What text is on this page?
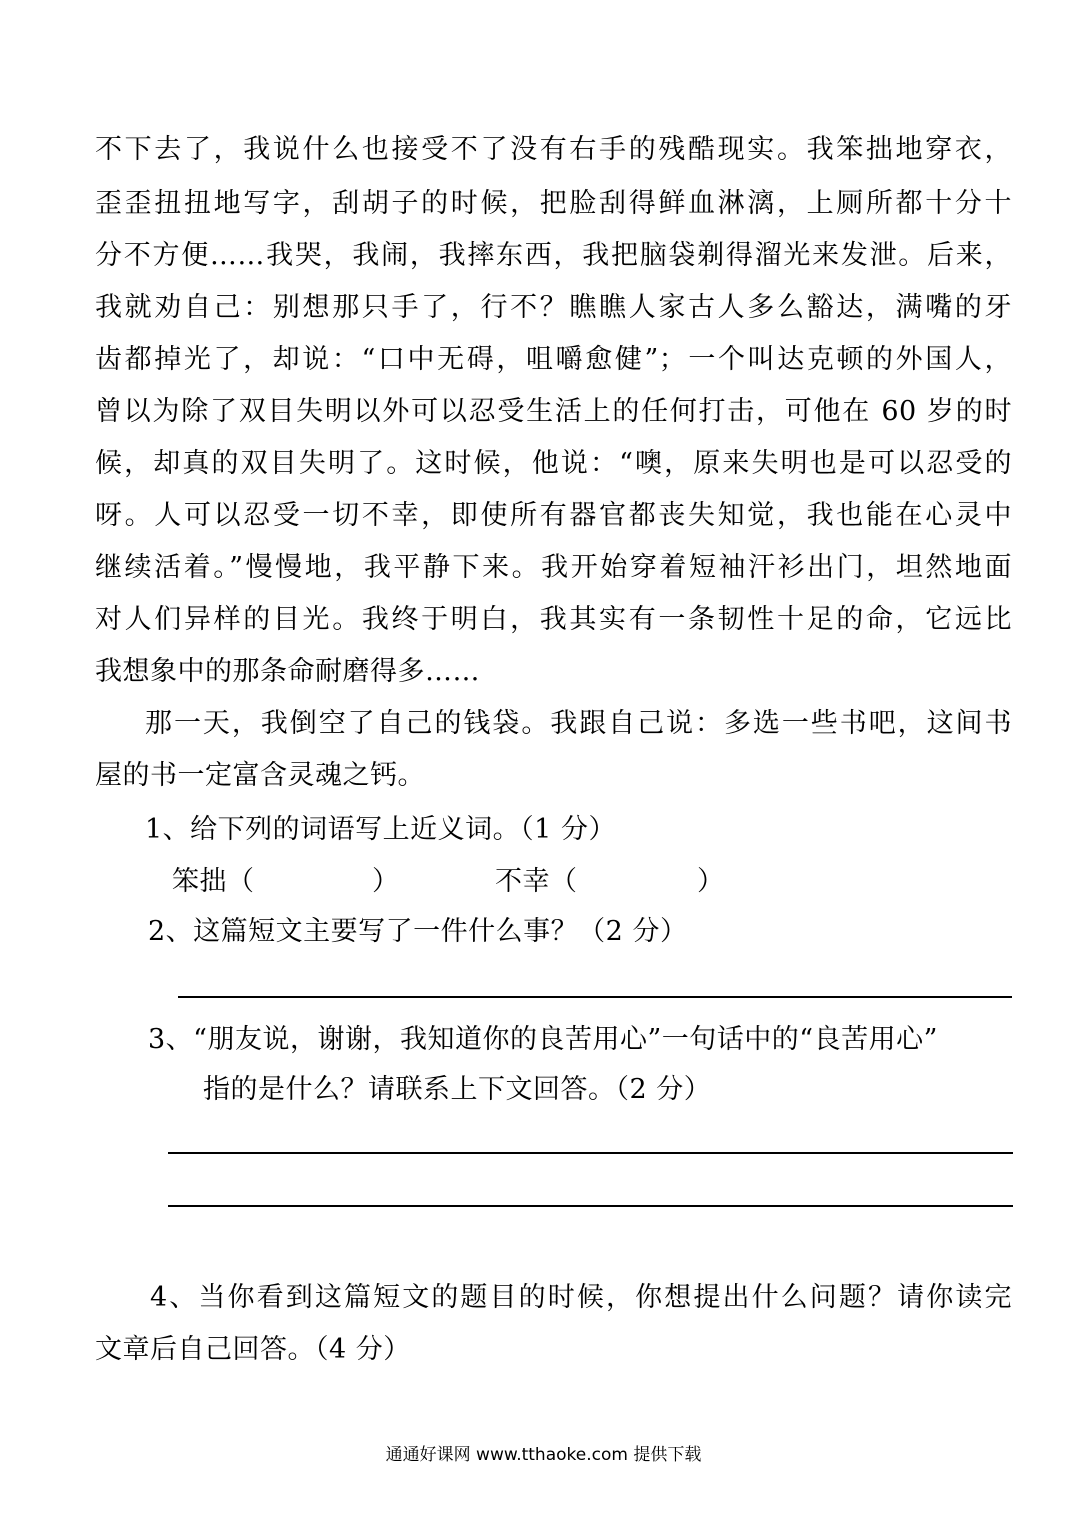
不下去了，我说什么也接受不了没有右手的残酷现实。我笨拙地穿衣，
歪歪扭扭地写字，刮胡子的时候，把脸刮得鲜血淋漓，上厕所都十分十
分不方便……我哭，我闹，我摔东西，我把脑袋剃得溜光来发泄。后来，
我就劝自己：别想那只手了，行不？瞧瞧人家古人多么豁达，满嘴的牙
齿都掉光了，却说：“口中无碍，咀嚼愈健”；一个叫达克顿的外国人，
曾以为除了双目失明以外可以忍受生活上的任何打击，可他在 60 岁的时
候，却真的双目失明了。这时候，他说：“噢，原来失明也是可以忍受的
呀。人可以忍受一切不幸，即使所有器官都丧失知觉，我也能在心灵中
继续活着。”慢慢地，我平静下来。我开始穿着短袖汗衫出门，坦然地面
对人们异样的目光。我终于明白，我其实有一条韧性十足的命，它远比
我想象中的那条命耐磨得多……
那一天，我倒空了自己的钱袋。我跟自己说：多选一些书吧，这间书
屋的书一定富含灵魂之钙。
1、给下列的词语写上近义词。（1 分）
笨拙（	）	不幸（	）
2、这篇短文主要写了一件什么事？（2 分）
3、“朋友说，谢谢，我知道你的良苦用心”一句话中的“良苦用心”
指的是什么？请联系上下文回答。（2 分）
4、当你看到这篇短文的题目的时候，你想提出什么问题？请你读完
文章后自己回答。（4 分）
通通好课网 www.tthaoke.com 提供下载
